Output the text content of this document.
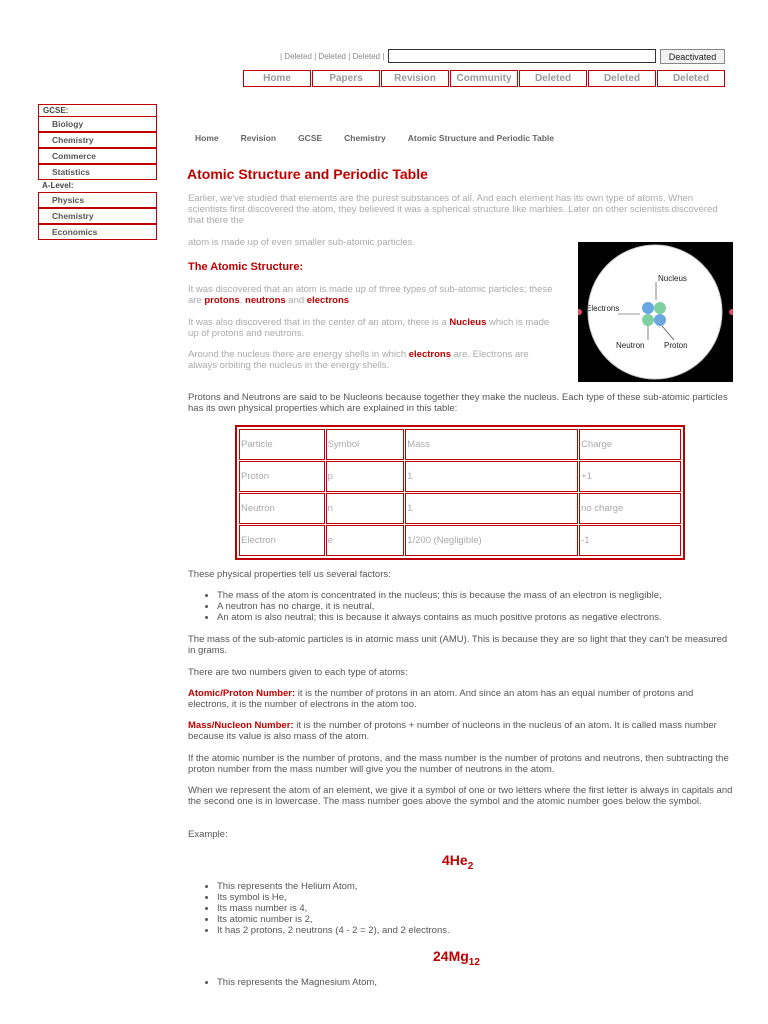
| Deleted | Deleted | Deleted |	Deactivated
Home	Papers	Revision	Community	Deleted	Deleted	Deleted
GCSE:
Biology
Chemistry
Commerce
Statistics
A-Level:
Physics
Chemistry
Economics
Home	Revision	GCSE	Chemistry	Atomic Structure and Periodic Table
Atomic Structure and Periodic Table
Earlier, we've studied that elements are the purest substances of all. And each element has its own type of atoms. When scientists first discovered the atom, they believed it was a spherical structure like marbles. Later on other scientists discovered that there the
atom is made up of even smaller sub-atomic particles.
The Atomic Structure:
It was discovered that an atom is made up of three types of sub-atomic particles; these are protons, neutrons and electrons
It was also discovered that in the center of an atom, there is a Nucleus which is made up of protons and neutrons.
Around the nucleus there are energy shells in which electrons are. Electrons are always orbiting the nucleus in the energy shells.
Nucleus
Electrons
Neutron Proton
Protons and Neutrons are said to be Nucleons because together they make the nucleus. Each type of these sub-atomic particles has its own physical properties which are explained in this table:
Particle	Symbol	Mass	Charge
Proton	p	1	+1
Neutron	n	1	no charge
Electron	e	1/200 (Negligible)	-1
These physical properties tell us several factors:
• The mass of the atom is concentrated in the nucleus; this is because the mass of an electron is negligible,
• A neutron has no charge, it is neutral,
• An atom is also neutral; this is because it always contains as much positive protons as negative electrons.
The mass of the sub-atomic particles is in atomic mass unit (AMU). This is because they are so light that they can't be measured in grams.
There are two numbers given to each type of atoms:
Atomic/Proton Number: it is the number of protons in an atom. And since an atom has an equal number of protons and electrons, it is the number of electrons in the atom too.
Mass/Nucleon Number: it is the number of protons + number of nucleons in the nucleus of an atom. It is called mass number because its value is also mass of the atom.
If the atomic number is the number of protons, and the mass number is the number of protons and neutrons, then subtracting the proton number from the mass number will give you the number of neutrons in the atom.
When we represent the atom of an element, we give it a symbol of one or two letters where the first letter is always in capitals and the second one is in lowercase. The mass number goes above the symbol and the atomic number goes below the symbol.
Example:
$4He_2$
• This represents the Helium Atom,
• Its symbol is He,
• Its mass number is 4,
• Its atomic number is 2,
• It has 2 protons, 2 neutrons (4 - 2 = 2), and 2 electrons.
$24Mg_{12}$
• This represents the Magnesium Atom,
